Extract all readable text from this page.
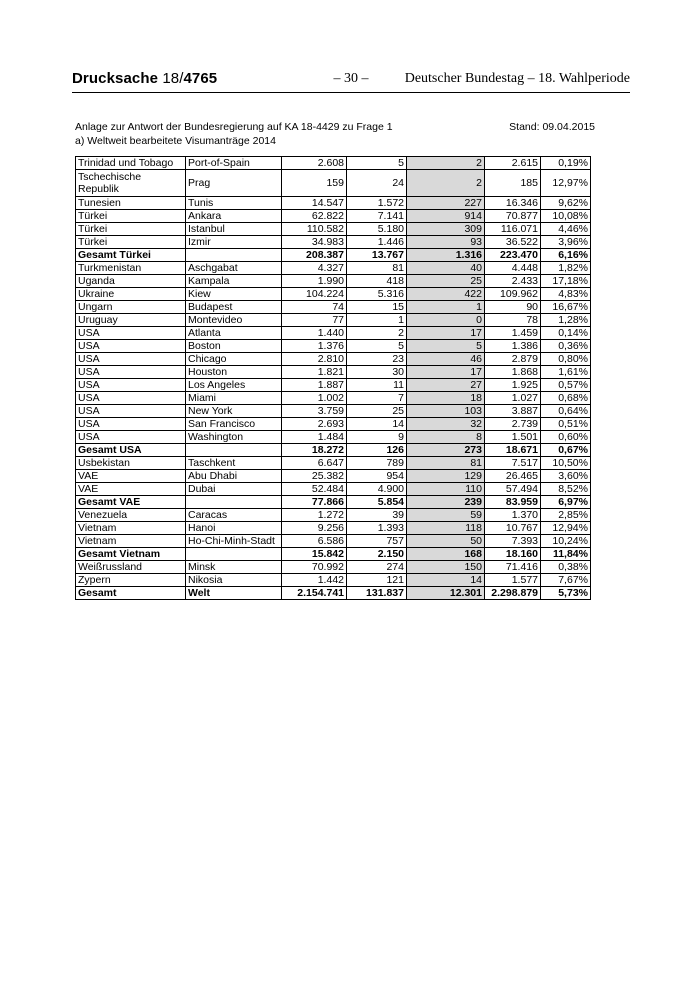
Drucksache 18/4765	– 30 –	Deutscher Bundestag – 18. Wahlperiode
Anlage zur Antwort der Bundesregierung auf KA 18-4429 zu Frage 1
a) Weltweit bearbeitete Visumanträge 2014
Stand: 09.04.2015
Trinidad und Tobago	Port-of-Spain	2.608	5	2	2.615	0,19%
Tschechische Republik	Prag	159	24	2	185	12,97%
Tunesien	Tunis	14.547	1.572	227	16.346	9,62%
Türkei	Ankara	62.822	7.141	914	70.877	10,08%
Türkei	Istanbul	110.582	5.180	309	116.071	4,46%
Türkei	Izmir	34.983	1.446	93	36.522	3,96%
Gesamt Türkei		208.387	13.767	1.316	223.470	6,16%
Turkmenistan	Aschgabat	4.327	81	40	4.448	1,82%
Uganda	Kampala	1.990	418	25	2.433	17,18%
Ukraine	Kiew	104.224	5.316	422	109.962	4,83%
Ungarn	Budapest	74	15	1	90	16,67%
Uruguay	Montevideo	77	1	0	78	1,28%
USA	Atlanta	1.440	2	17	1.459	0,14%
USA	Boston	1.376	5	5	1.386	0,36%
USA	Chicago	2.810	23	46	2.879	0,80%
USA	Houston	1.821	30	17	1.868	1,61%
USA	Los Angeles	1.887	11	27	1.925	0,57%
USA	Miami	1.002	7	18	1.027	0,68%
USA	New York	3.759	25	103	3.887	0,64%
USA	San Francisco	2.693	14	32	2.739	0,51%
USA	Washington	1.484	9	8	1.501	0,60%
Gesamt USA		18.272	126	273	18.671	0,67%
Usbekistan	Taschkent	6.647	789	81	7.517	10,50%
VAE	Abu Dhabi	25.382	954	129	26.465	3,60%
VAE	Dubai	52.484	4.900	110	57.494	8,52%
Gesamt VAE		77.866	5.854	239	83.959	6,97%
Venezuela	Caracas	1.272	39	59	1.370	2,85%
Vietnam	Hanoi	9.256	1.393	118	10.767	12,94%
Vietnam	Ho-Chi-Minh-Stadt	6.586	757	50	7.393	10,24%
Gesamt Vietnam		15.842	2.150	168	18.160	11,84%
Weißrussland	Minsk	70.992	274	150	71.416	0,38%
Zypern	Nikosia	1.442	121	14	1.577	7,67%
Gesamt	Welt	2.154.741	131.837	12.301	2.298.879	5,73%
